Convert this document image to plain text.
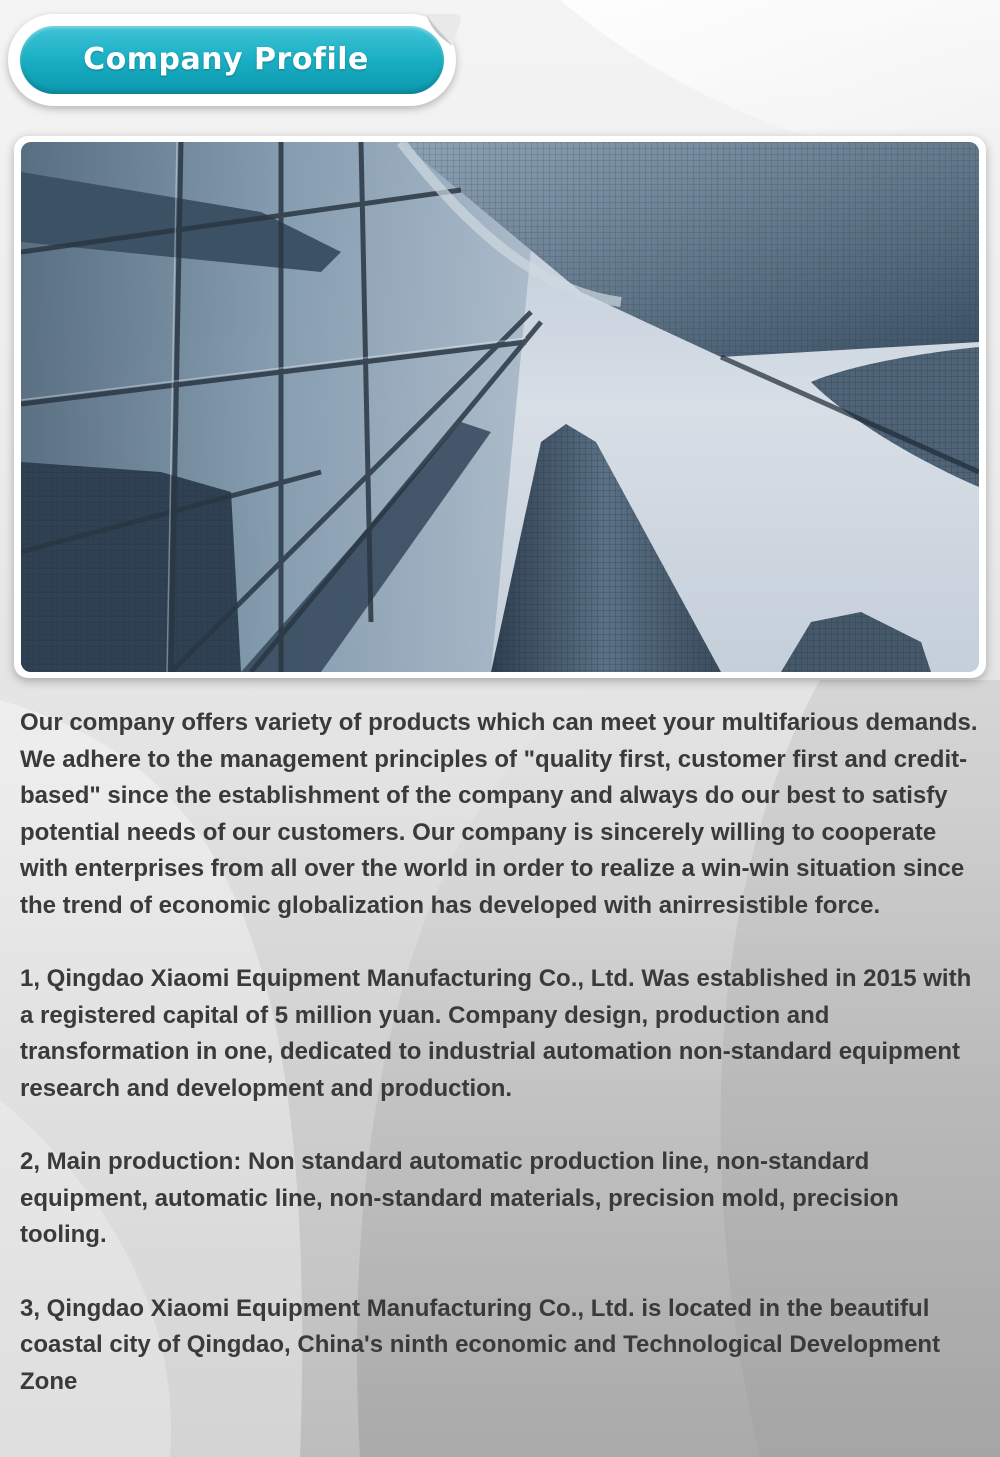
Company Profile

Our company offers variety of products which can meet your multifarious demands. We adhere to the management principles of "quality first, customer first and credit-based" since the establishment of the company and always do our best to satisfy potential needs of our customers. Our company is sincerely willing to cooperate with enterprises from all over the world in order to realize a win-win situation since the trend of economic globalization has developed with anirresistible force.

1, Qingdao Xiaomi Equipment Manufacturing Co., Ltd. Was established in 2015 with a registered capital of 5 million yuan. Company design, production and transformation in one, dedicated to industrial automation non-standard equipment research and development and production.

2, Main production: Non standard automatic production line, non-standard equipment, automatic line, non-standard materials, precision mold, precision tooling.

3, Qingdao Xiaomi Equipment Manufacturing Co., Ltd. is located in the beautiful coastal city of Qingdao, China's ninth economic and Technological Development Zone
